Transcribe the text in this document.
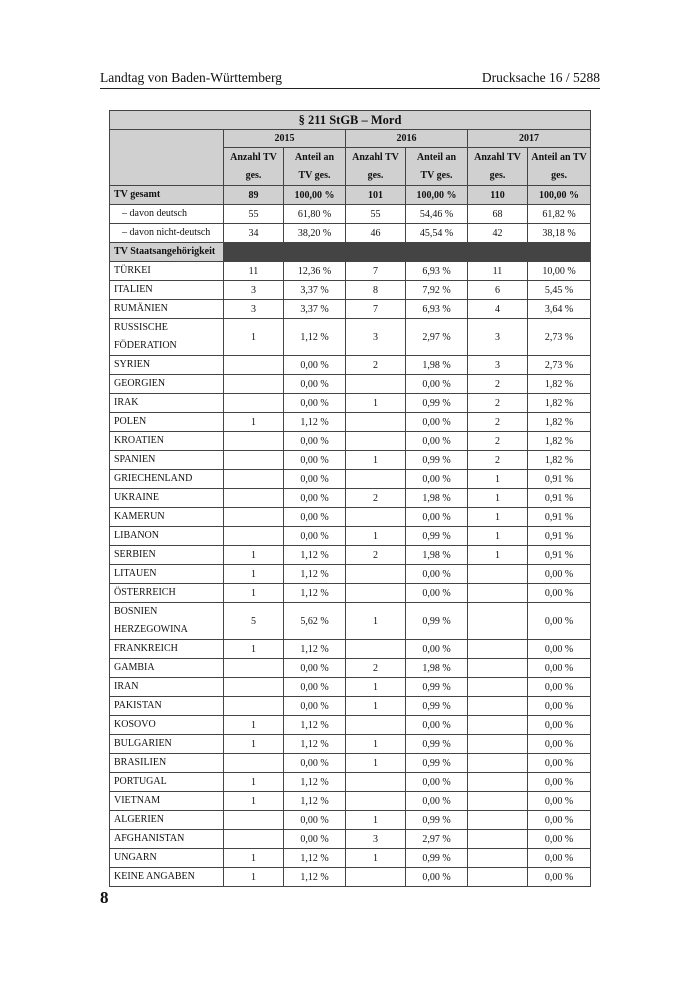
Landtag von Baden-Württemberg	Drucksache 16 / 5288
§ 211 StGB – Mord						
	2015		2016		2017	
	Anzahl TV ges.	Anteil an TV ges.	Anzahl TV ges.	Anteil an TV ges.	Anzahl TV ges.	Anteil an TV ges.
TV gesamt	89	100,00 %	101	100,00 %	110	100,00 %
– davon deutsch	55	61,80 %	55	54,46 %	68	61,82 %
– davon nicht-deutsch	34	38,20 %	46	45,54 %	42	38,18 %
TV Staatsangehörigkeit						
TÜRKEI	11	12,36 %	7	6,93 %	11	10,00 %
ITALIEN	3	3,37 %	8	7,92 %	6	5,45 %
RUMÄNIEN	3	3,37 %	7	6,93 %	4	3,64 %
RUSSISCHE FÖDERATION	1	1,12 %	3	2,97 %	3	2,73 %
SYRIEN		0,00 %	2	1,98 %	3	2,73 %
GEORGIEN		0,00 %		0,00 %	2	1,82 %
IRAK		0,00 %	1	0,99 %	2	1,82 %
POLEN	1	1,12 %		0,00 %	2	1,82 %
KROATIEN		0,00 %		0,00 %	2	1,82 %
SPANIEN		0,00 %	1	0,99 %	2	1,82 %
GRIECHENLAND		0,00 %		0,00 %	1	0,91 %
UKRAINE		0,00 %	2	1,98 %	1	0,91 %
KAMERUN		0,00 %		0,00 %	1	0,91 %
LIBANON		0,00 %	1	0,99 %	1	0,91 %
SERBIEN	1	1,12 %	2	1,98 %	1	0,91 %
LITAUEN	1	1,12 %		0,00 %		0,00 %
ÖSTERREICH	1	1,12 %		0,00 %		0,00 %
BOSNIEN HERZEGOWINA	5	5,62 %	1	0,99 %		0,00 %
FRANKREICH	1	1,12 %		0,00 %		0,00 %
GAMBIA		0,00 %	2	1,98 %		0,00 %
IRAN		0,00 %	1	0,99 %		0,00 %
PAKISTAN		0,00 %	1	0,99 %		0,00 %
KOSOVO	1	1,12 %		0,00 %		0,00 %
BULGARIEN	1	1,12 %	1	0,99 %		0,00 %
BRASILIEN		0,00 %	1	0,99 %		0,00 %
PORTUGAL	1	1,12 %		0,00 %		0,00 %
VIETNAM	1	1,12 %		0,00 %		0,00 %
ALGERIEN		0,00 %	1	0,99 %		0,00 %
AFGHANISTAN		0,00 %	3	2,97 %		0,00 %
UNGARN	1	1,12 %	1	0,99 %		0,00 %
KEINE ANGABEN	1	1,12 %		0,00 %		0,00 %
8
